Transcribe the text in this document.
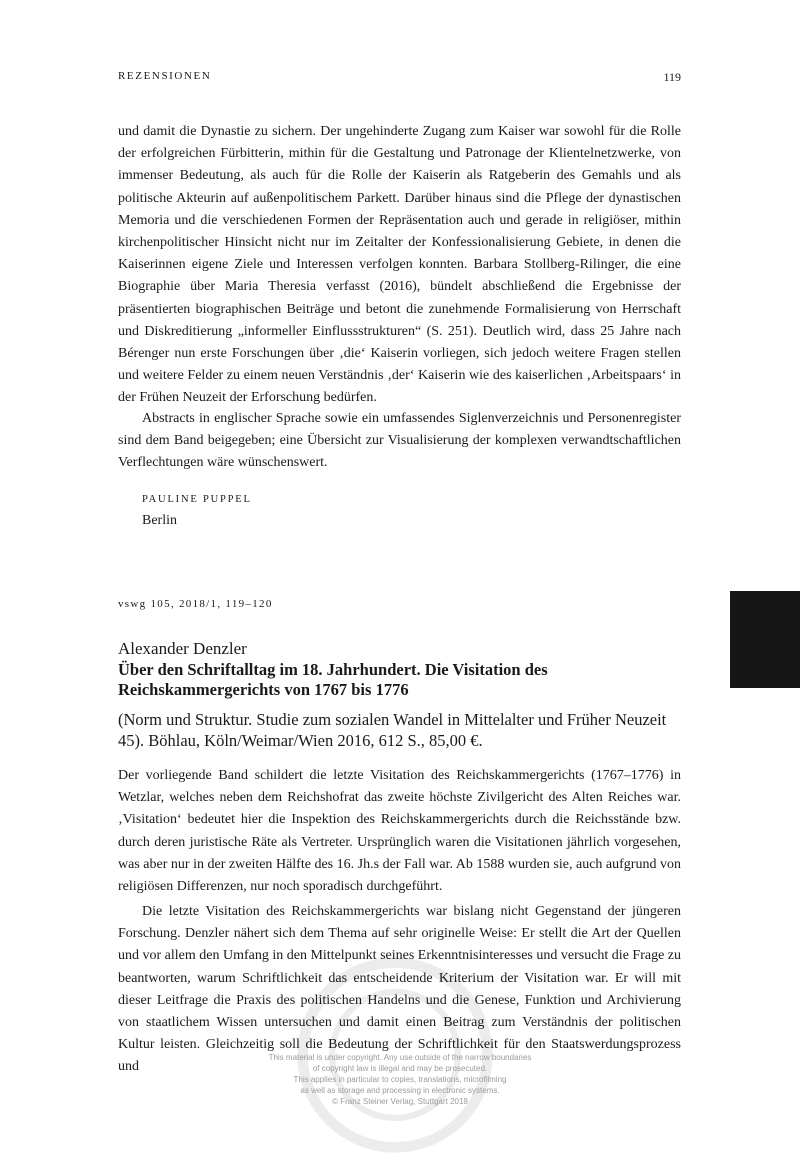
REZENSIONEN	119

und damit die Dynastie zu sichern. Der ungehinderte Zugang zum Kaiser war sowohl für die Rolle der erfolgreichen Fürbitterin, mithin für die Gestaltung und Patronage der Klientelnetzwerke, von immenser Bedeutung, als auch für die Rolle der Kaiserin als Ratgeberin des Gemahls und als politische Akteurin auf außenpolitischem Parkett. Darüber hinaus sind die Pflege der dynastischen Memoria und die verschiedenen Formen der Repräsentation auch und gerade in religiöser, mithin kirchenpolitischer Hinsicht nicht nur im Zeitalter der Konfessionalisierung Gebiete, in denen die Kaiserinnen eigene Ziele und Interessen verfolgen konnten. Barbara Stollberg-Rilinger, die eine Biographie über Maria Theresia verfasst (2016), bündelt abschließend die Ergebnisse der präsentierten biographischen Beiträge und betont die zunehmende Formalisierung von Herrschaft und Diskreditierung „informeller Einflussstrukturen“ (S. 251). Deutlich wird, dass 25 Jahre nach Bérenger nun erste Forschungen über ‚die‘ Kaiserin vorliegen, sich jedoch weitere Fragen stellen und weitere Felder zu einem neuen Verständnis ‚der‘ Kaiserin wie des kaiserlichen ‚Arbeitspaars‘ in der Frühen Neuzeit der Erforschung bedürfen.

Abstracts in englischer Sprache sowie ein umfassendes Siglenverzeichnis und Personenregister sind dem Band beigegeben; eine Übersicht zur Visualisierung der komplexen verwandtschaftlichen Verflechtungen wäre wünschenswert.

PAULINE PUPPEL
Berlin
vswg 105, 2018/1, 119–120
Alexander Denzler
Über den Schriftalltag im 18. Jahrhundert. Die Visitation des Reichskammergerichts von 1767 bis 1776
(Norm und Struktur. Studie zum sozialen Wandel in Mittelalter und Früher Neuzeit 45). Böhlau, Köln/Weimar/Wien 2016, 612 S., 85,00 €.

Der vorliegende Band schildert die letzte Visitation des Reichskammergerichts (1767–1776) in Wetzlar, welches neben dem Reichshofrat das zweite höchste Zivilgericht des Alten Reiches war. ‚Visitation‘ bedeutet hier die Inspektion des Reichskammergerichts durch die Reichsstände bzw. durch deren juristische Räte als Vertreter. Ursprünglich waren die Visitationen jährlich vorgesehen, was aber nur in der zweiten Hälfte des 16. Jh.s der Fall war. Ab 1588 wurden sie, auch aufgrund von religiösen Differenzen, nur noch sporadisch durchgeführt.

Die letzte Visitation des Reichskammergerichts war bislang nicht Gegenstand der jüngeren Forschung. Denzler nähert sich dem Thema auf sehr originelle Weise: Er stellt die Art der Quellen und vor allem den Umfang in den Mittelpunkt seines Erkenntnisinteresses und versucht die Frage zu beantworten, warum Schriftlichkeit das entscheidende Kriterium der Visitation war. Er will mit dieser Leitfrage die Praxis des politischen Handelns und die Genese, Funktion und Archivierung von staatlichem Wissen untersuchen und damit einen Beitrag zum Verständnis der politischen Kultur leisten. Gleichzeitig soll die Bedeutung der Schriftlichkeit für den Staatswerdungsprozess und

This material is under copyright. Any use outside of the narrow boundaries
of copyright law is illegal and may be prosecuted.
This applies in particular to copies, translations, microfilming
as well as storage and processing in electronic systems.
© Franz Steiner Verlag, Stuttgart 2018
